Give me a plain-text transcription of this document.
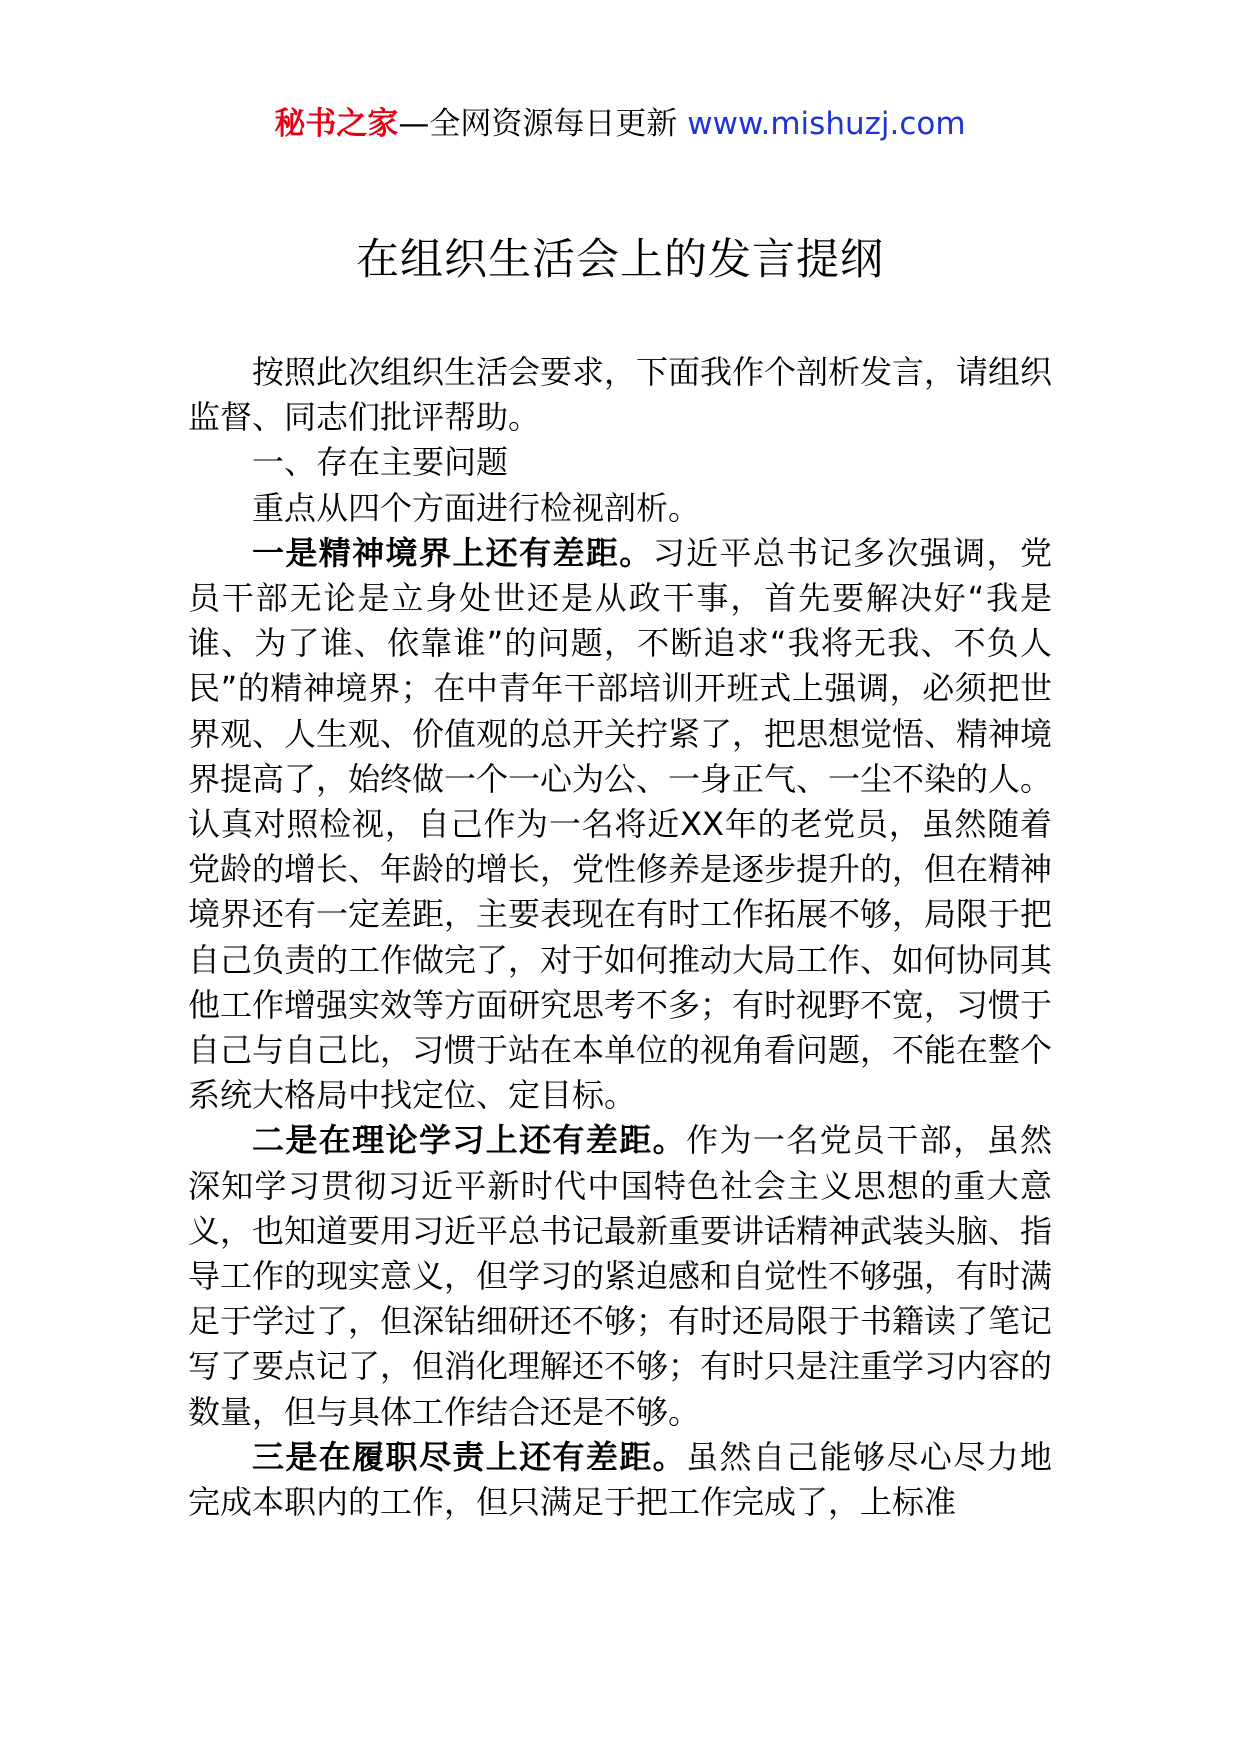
秘书之家—全网资源每日更新 www.mishuzj.com
在组织生活会上的发言提纲

按照此次组织生活会要求，下面我作个剖析发言，请组织监督、同志们批评帮助。

一、存在主要问题

重点从四个方面进行检视剖析。

一是精神境界上还有差距。习近平总书记多次强调，党员干部无论是立身处世还是从政干事，首先要解决好“我是谁、为了谁、依靠谁”的问题，不断追求“我将无我、不负人民”的精神境界；在中青年干部培训开班式上强调，必须把世界观、人生观、价值观的总开关拧紧了，把思想觉悟、精神境界提高了，始终做一个一心为公、一身正气、一尘不染的人。认真对照检视，自己作为一名将近XX年的老党员，虽然随着党龄的增长、年龄的增长，党性修养是逐步提升的，但在精神境界还有一定差距，主要表现在有时工作拓展不够，局限于把自己负责的工作做完了，对于如何推动大局工作、如何协同其他工作增强实效等方面研究思考不多；有时视野不宽，习惯于自己与自己比，习惯于站在本单位的视角看问题，不能在整个系统大格局中找定位、定目标。

二是在理论学习上还有差距。作为一名党员干部，虽然深知学习贯彻习近平新时代中国特色社会主义思想的重大意义，也知道要用习近平总书记最新重要讲话精神武装头脑、指导工作的现实意义，但学习的紧迫感和自觉性不够强，有时满足于学过了，但深钻细研还不够；有时还局限于书籍读了笔记写了要点记了，但消化理解还不够；有时只是注重学习内容的数量，但与具体工作结合还是不够。

三是在履职尽责上还有差距。虽然自己能够尽心尽力地完成本职内的工作，但只满足于把工作完成了，上标准
